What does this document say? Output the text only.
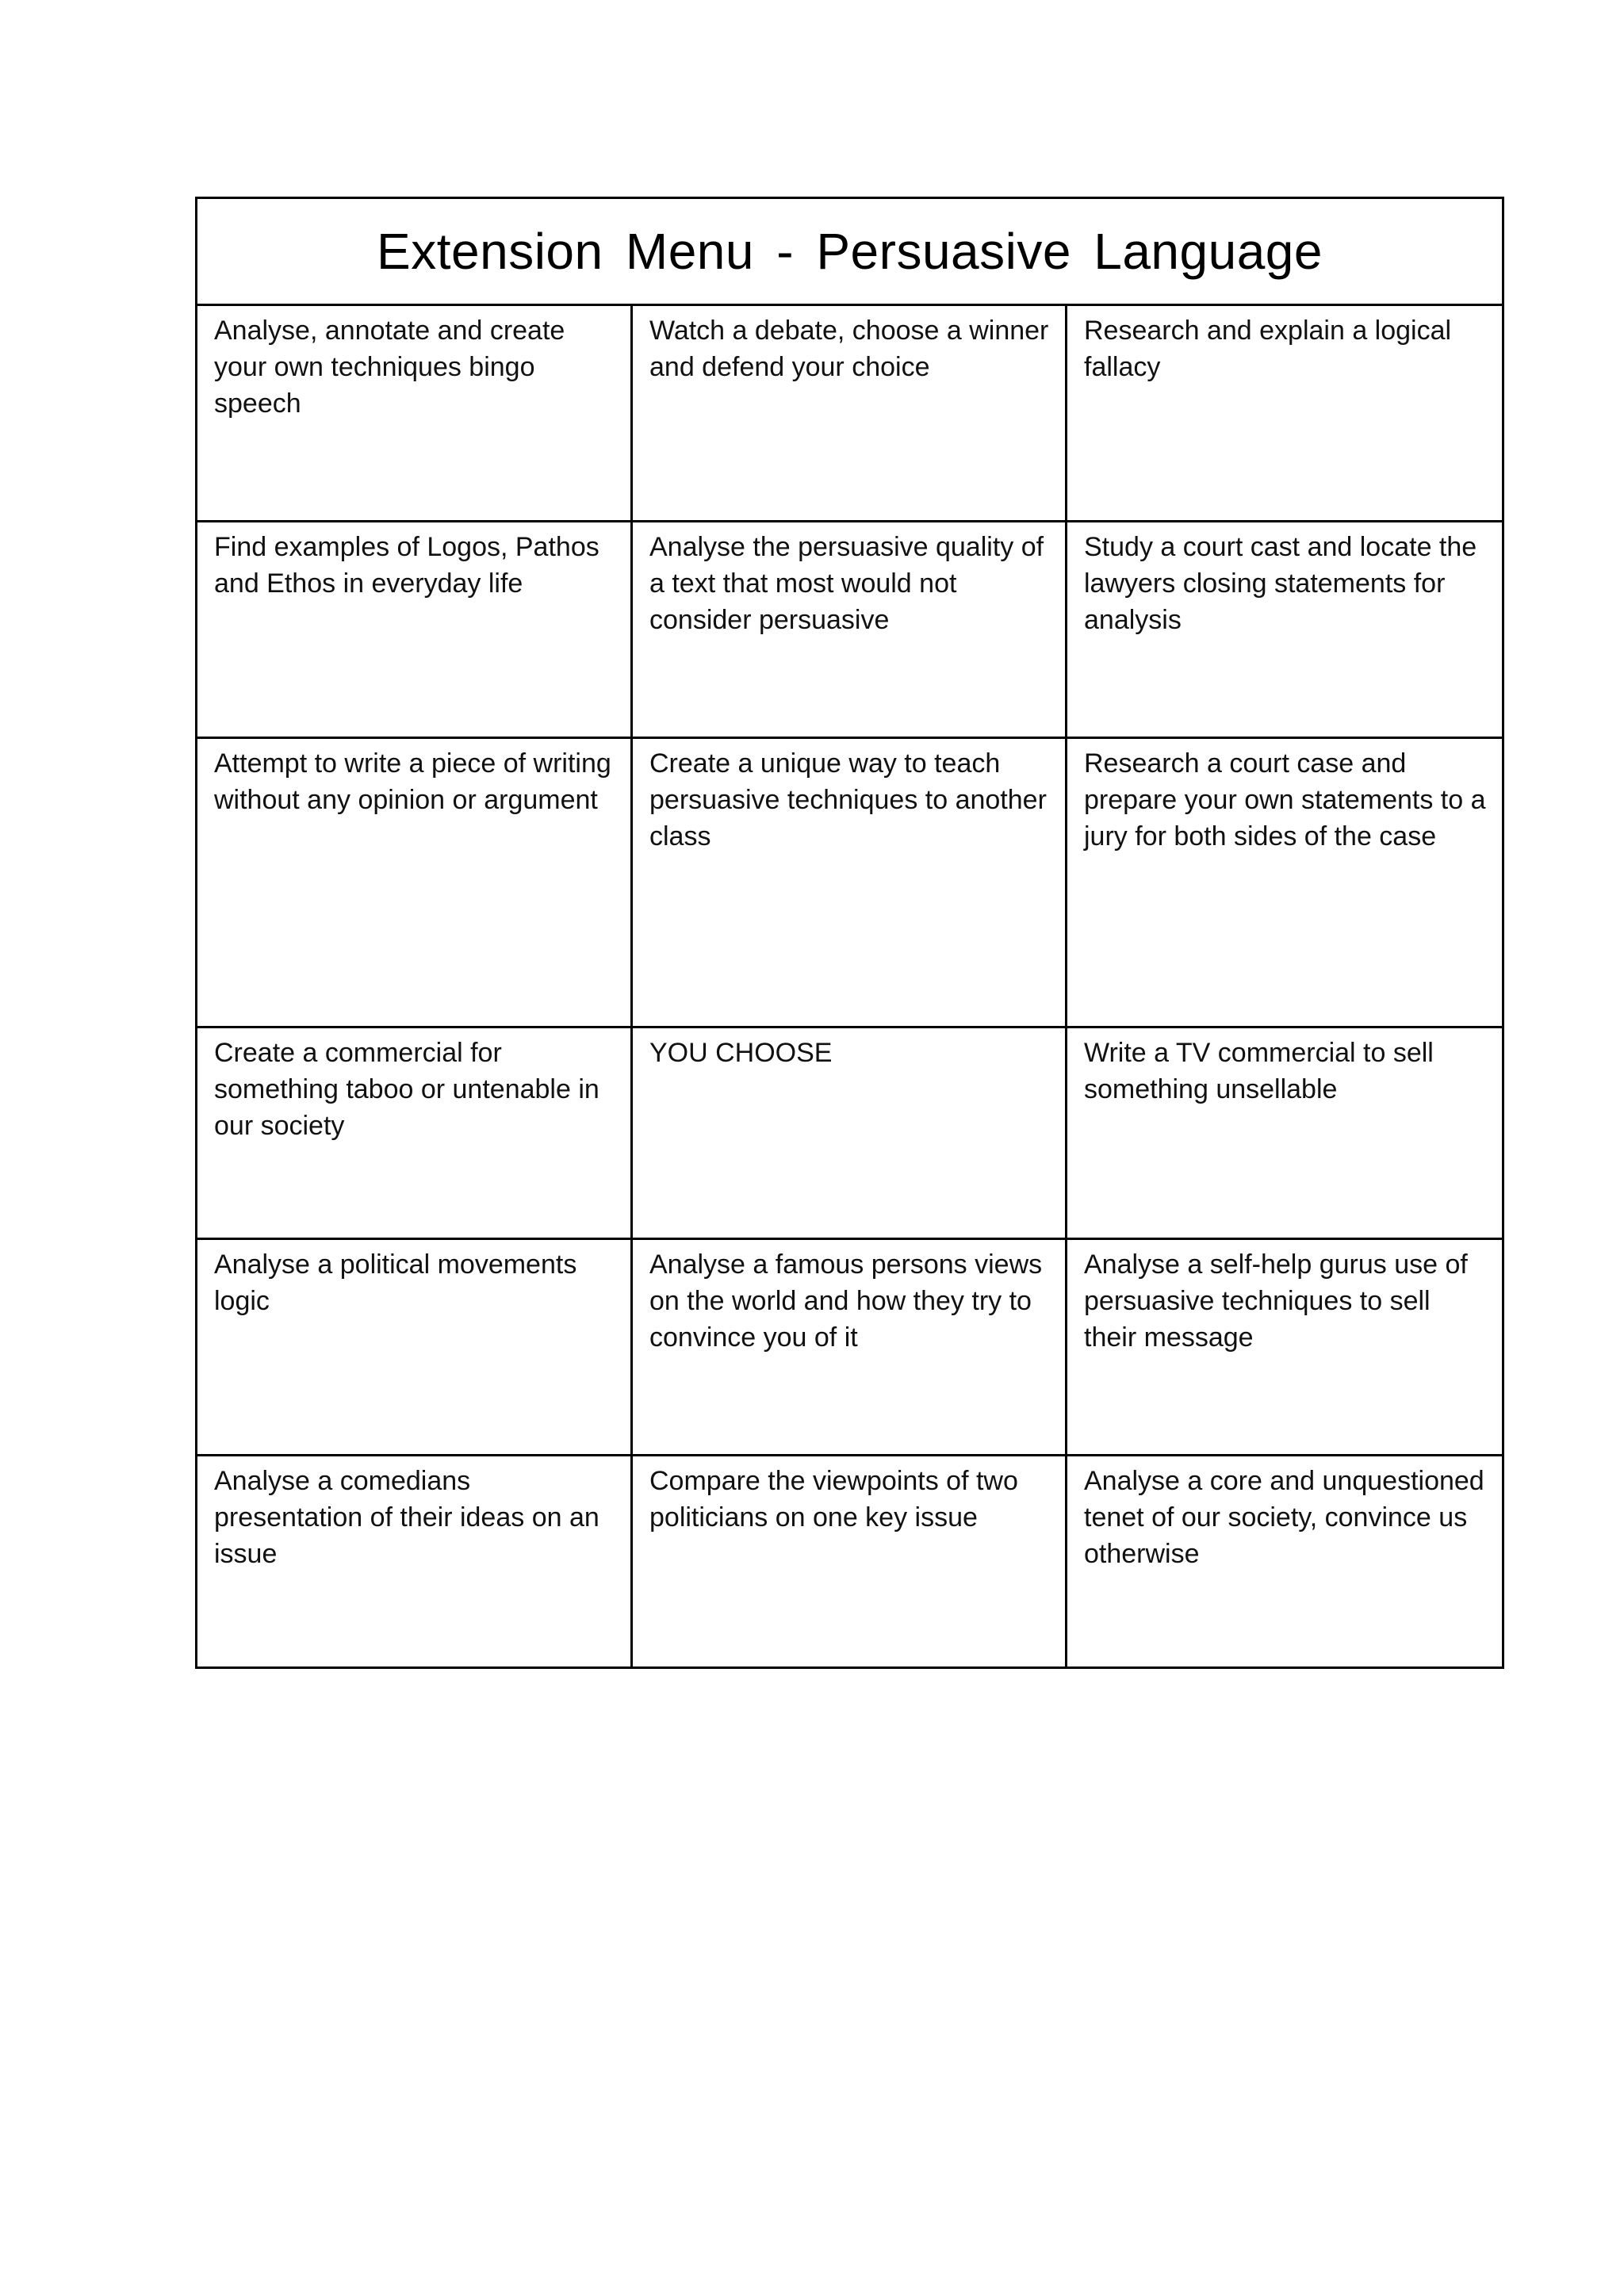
Extension Menu - Persuasive Language		

Analyse, annotate and create your own techniques bingo speech	Watch a debate, choose a winner and defend your choice	Research and explain a logical fallacy

Find examples of Logos, Pathos and Ethos in everyday life	Analyse the persuasive quality of a text that most would not consider persuasive	Study a court cast and locate the lawyers closing statements for analysis

Attempt to write a piece of writing without any opinion or argument	Create a unique way to teach persuasive techniques to another class	Research a court case and prepare your own statements to a jury for both sides of the case

Create a commercial for something taboo or untenable in our society	YOU CHOOSE	Write a TV commercial to sell something unsellable

Analyse a political movements logic	Analyse a famous persons views on the world and how they try to convince you of it	Analyse a self-help gurus use of persuasive techniques to sell their message

Analyse a comedians presentation of their ideas on an issue	Compare the viewpoints of two politicians on one key issue	Analyse a core and unquestioned tenet of our society, convince us otherwise
